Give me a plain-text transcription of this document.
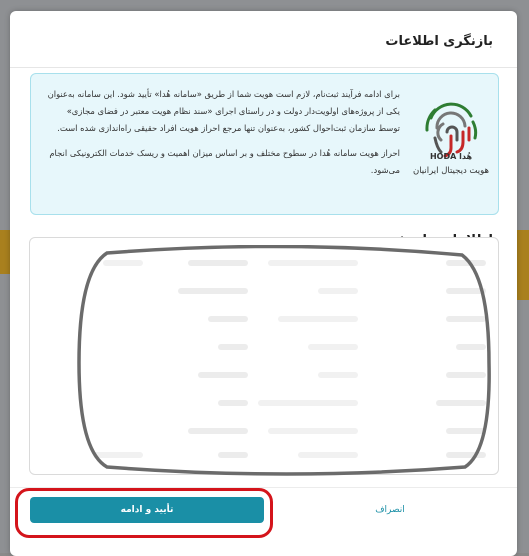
بازنگری اطلاعات

برای ادامه فرآیند ثبت‌نام، لازم است هویت شما از طریق «سامانه هُدا» تأیید شود. این سامانه به‌عنوان یکی از پروژه‌های اولویت‌دار دولت و در راستای اجرای «سند نظام هویت معتبر در فضای مجازی» توسط سازمان ثبت‌احوال کشور، به‌عنوان تنها مرجع احراز هویت افراد حقیقی راه‌اندازی شده است.

احراز هویت سامانه هُدا در سطوح مختلف و بر اساس میزان اهمیت و ریسک خدمات الکترونیکی انجام می‌شود.

HODA هُدا
هویت دیجیتال ایرانیان
تأیید و ادامه	انصراف
